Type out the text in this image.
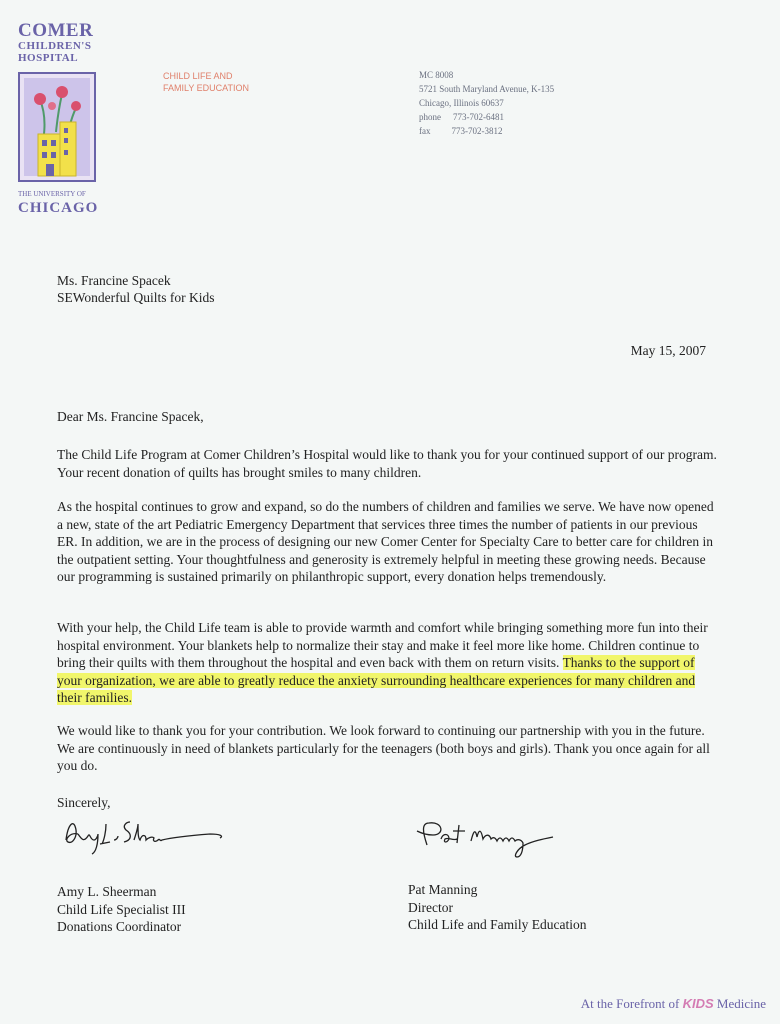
COMER
CHILDREN'S
HOSPITAL
THE UNIVERSITY OF
CHICAGO
CHILD LIFE AND
FAMILY EDUCATION
MC 8008
5721 South Maryland Avenue, K-135
Chicago, Illinois 60637
phone 773-702-6481
fax 773-702-3812
Ms. Francine Spacek
SEWonderful Quilts for Kids
May 15, 2007
Dear Ms. Francine Spacek,
The Child Life Program at Comer Children’s Hospital would like to thank you for your continued support of our program. Your recent donation of quilts has brought smiles to many children.
As the hospital continues to grow and expand, so do the numbers of children and families we serve. We have now opened a new, state of the art Pediatric Emergency Department that services three times the number of patients in our previous ER. In addition, we are in the process of designing our new Comer Center for Specialty Care to better care for children in the outpatient setting. Your thoughtfulness and generosity is extremely helpful in meeting these growing needs. Because our programming is sustained primarily on philanthropic support, every donation helps tremendously.
With your help, the Child Life team is able to provide warmth and comfort while bringing something more fun into their hospital environment. Your blankets help to normalize their stay and make it feel more like home. Children continue to bring their quilts with them throughout the hospital and even back with them on return visits. Thanks to the support of your organization, we are able to greatly reduce the anxiety surrounding healthcare experiences for many children and their families.
We would like to thank you for your contribution. We look forward to continuing our partnership with you in the future. We are continuously in need of blankets particularly for the teenagers (both boys and girls). Thank you once again for all you do.
Sincerely,
Amy L. Sheerman
Child Life Specialist III
Donations Coordinator
Pat Manning
Director
Child Life and Family Education
At the Forefront of KIDS Medicine
